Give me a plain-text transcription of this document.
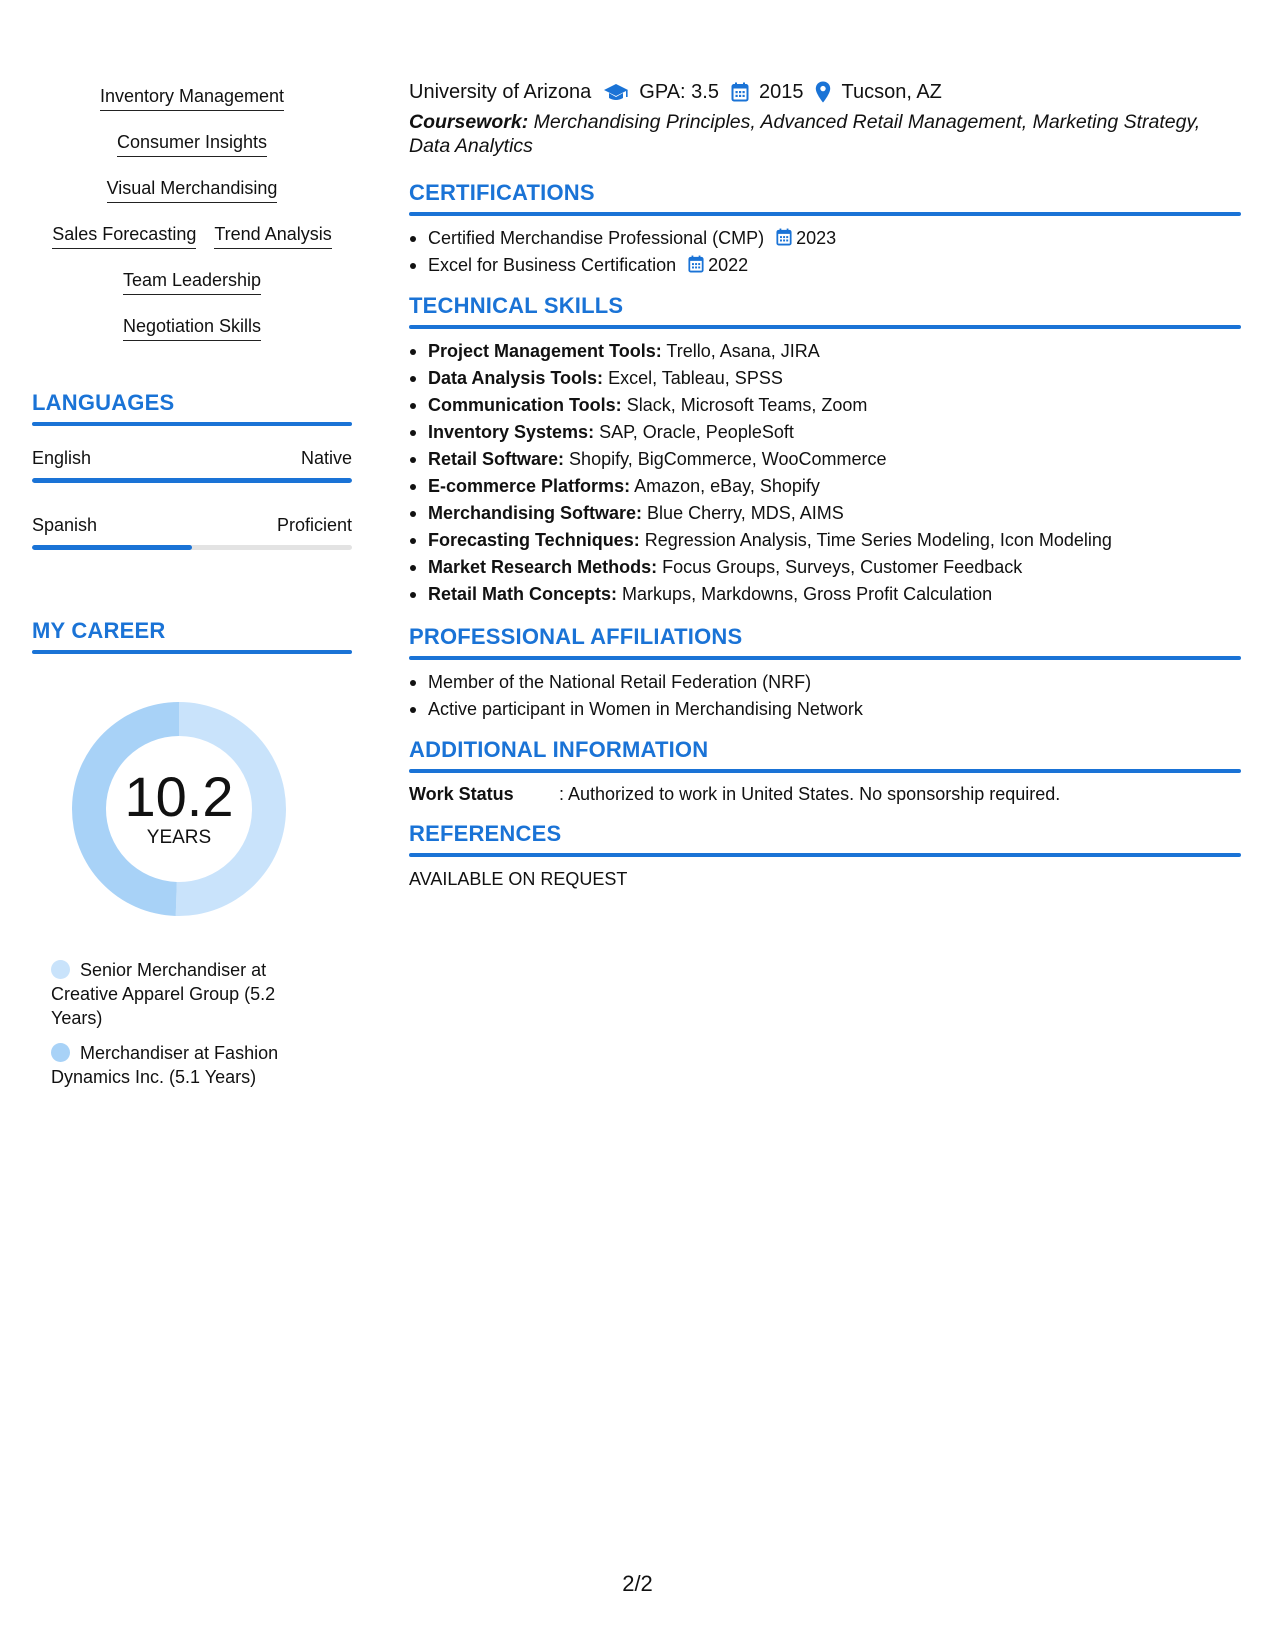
Inventory Management
Consumer Insights
Visual Merchandising
Sales Forecasting Trend Analysis
Team Leadership
Negotiation Skills
LANGUAGES
English	Native
Spanish	Proficient
MY CAREER
10.2
YEARS
Senior Merchandiser at Creative Apparel Group (5.2 Years)
Merchandiser at Fashion Dynamics Inc. (5.1 Years)
University of Arizona GPA: 3.5 2015 Tucson, AZ
Coursework: Merchandising Principles, Advanced Retail Management, Marketing Strategy, Data Analytics
CERTIFICATIONS
Certified Merchandise Professional (CMP) 2023
Excel for Business Certification 2022
TECHNICAL SKILLS
Project Management Tools: Trello, Asana, JIRA
Data Analysis Tools: Excel, Tableau, SPSS
Communication Tools: Slack, Microsoft Teams, Zoom
Inventory Systems: SAP, Oracle, PeopleSoft
Retail Software: Shopify, BigCommerce, WooCommerce
E-commerce Platforms: Amazon, eBay, Shopify
Merchandising Software: Blue Cherry, MDS, AIMS
Forecasting Techniques: Regression Analysis, Time Series Modeling, Icon Modeling
Market Research Methods: Focus Groups, Surveys, Customer Feedback
Retail Math Concepts: Markups, Markdowns, Gross Profit Calculation
PROFESSIONAL AFFILIATIONS
Member of the National Retail Federation (NRF)
Active participant in Women in Merchandising Network
ADDITIONAL INFORMATION
Work Status	: Authorized to work in United States. No sponsorship required.
REFERENCES
AVAILABLE ON REQUEST
2/2
